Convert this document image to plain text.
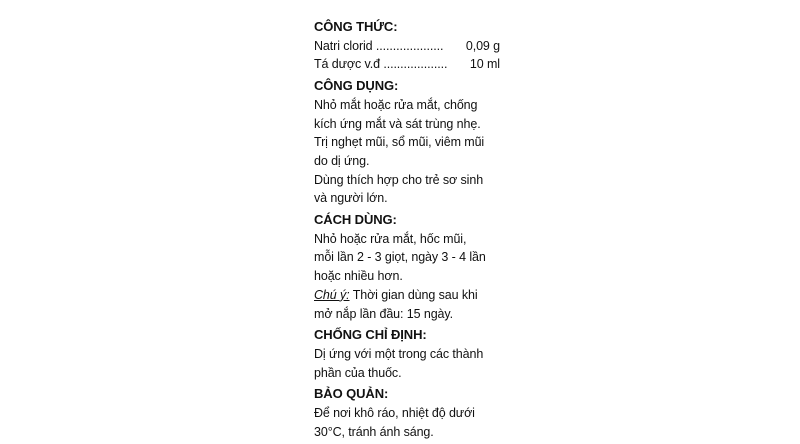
CÔNG THỨC:
Natri clorid .................... 0,09 g
Tá dược v.đ ................... 10 ml
CÔNG DỤNG:
Nhỏ mắt hoặc rửa mắt, chống
kích ứng mắt và sát trùng nhẹ.
Trị nghẹt mũi, sổ mũi, viêm mũi
do dị ứng.
Dùng thích hợp cho trẻ sơ sinh
và người lớn.
CÁCH DÙNG:
Nhỏ hoặc rửa mắt, hốc mũi,
mỗi lần 2 - 3 giọt, ngày 3 - 4 lần
hoặc nhiều hơn.
Chú ý: Thời gian dùng sau khi
mở nắp lần đầu: 15 ngày.
CHỐNG CHỈ ĐỊNH:
Dị ứng với một trong các thành
phần của thuốc.
BẢO QUẢN:
Để nơi khô ráo, nhiệt độ dưới
30°C, tránh ánh sáng.
